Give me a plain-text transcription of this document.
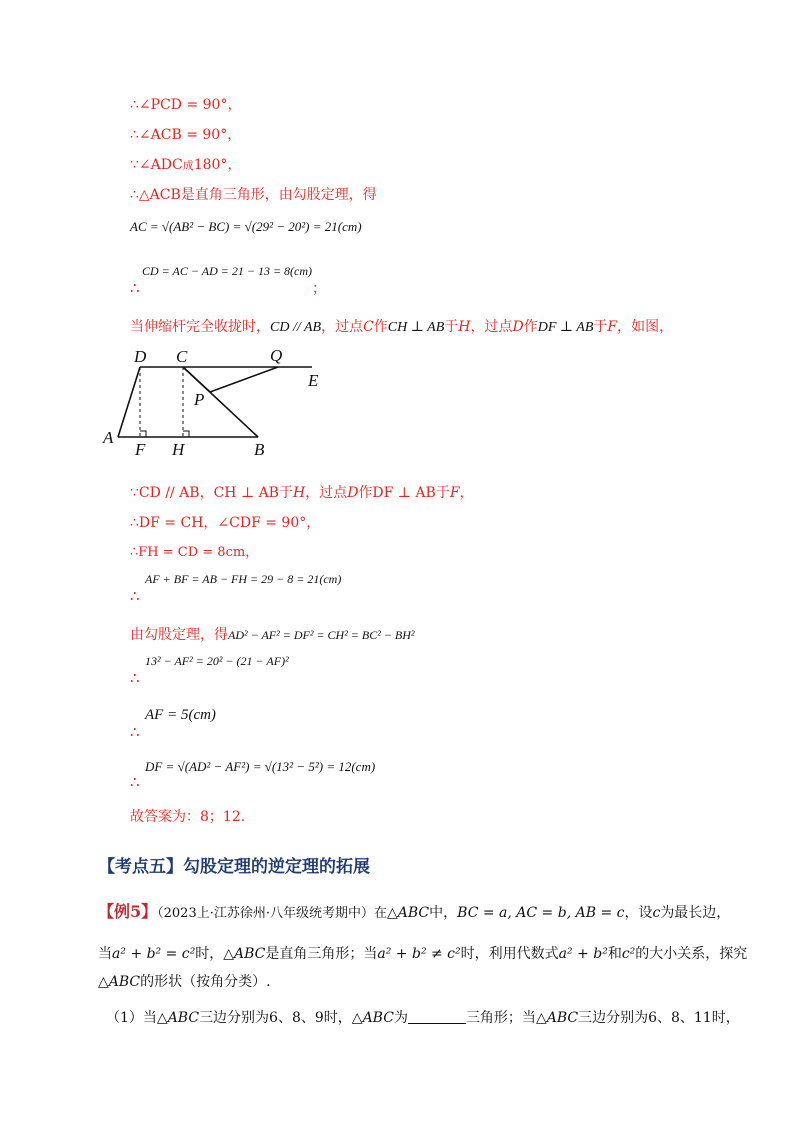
∴∠PCD = 90°，
∴∠ACB = 90°，
∵∠ADC成180°，
∴△ACB是直角三角形，由勾股定理，得
AC = √(AB² − BC) = √(29² − 20²) = 21(cm)
CD = AC − AD = 21 − 13 = 8(cm)
∴	；
当伸缩杆完全收拢时，CD // AB，过点C作CH ⊥ AB于H，过点D作DF ⊥ AB于F，如图，
D C	Q
E
P
A
F H	B
∵CD // AB，CH ⊥ AB于H，过点D作DF ⊥ AB于F，
∴DF = CH，∠CDF = 90°，
∴FH = CD = 8cm，
AF + BF = AB − FH = 29 − 8 = 21(cm)
∴
由勾股定理，得AD² − AF² = DF² = CH² = BC² − BH²
13² − AF² = 20² − (21 − AF)²
∴
AF = 5(cm)
∴
DF = √(AD² − AF²) = √(13² − 5²) = 12(cm)
∴
故答案为：8；12.
【考点五】勾股定理的逆定理的拓展
【例5】（2023上·江苏徐州·八年级统考期中）在△ABC中，BC = a, AC = b, AB = c，设c为最长边，
当a² + b² = c²时，△ABC是直角三角形；当a² + b² ≠ c²时，利用代数式a² + b²和c²的大小关系，探究
△ABC的形状（按角分类）.
（1）当△ABC三边分别为6、8、9时，△ABC为	三角形；当△ABC三边分别为6、8、11时，
